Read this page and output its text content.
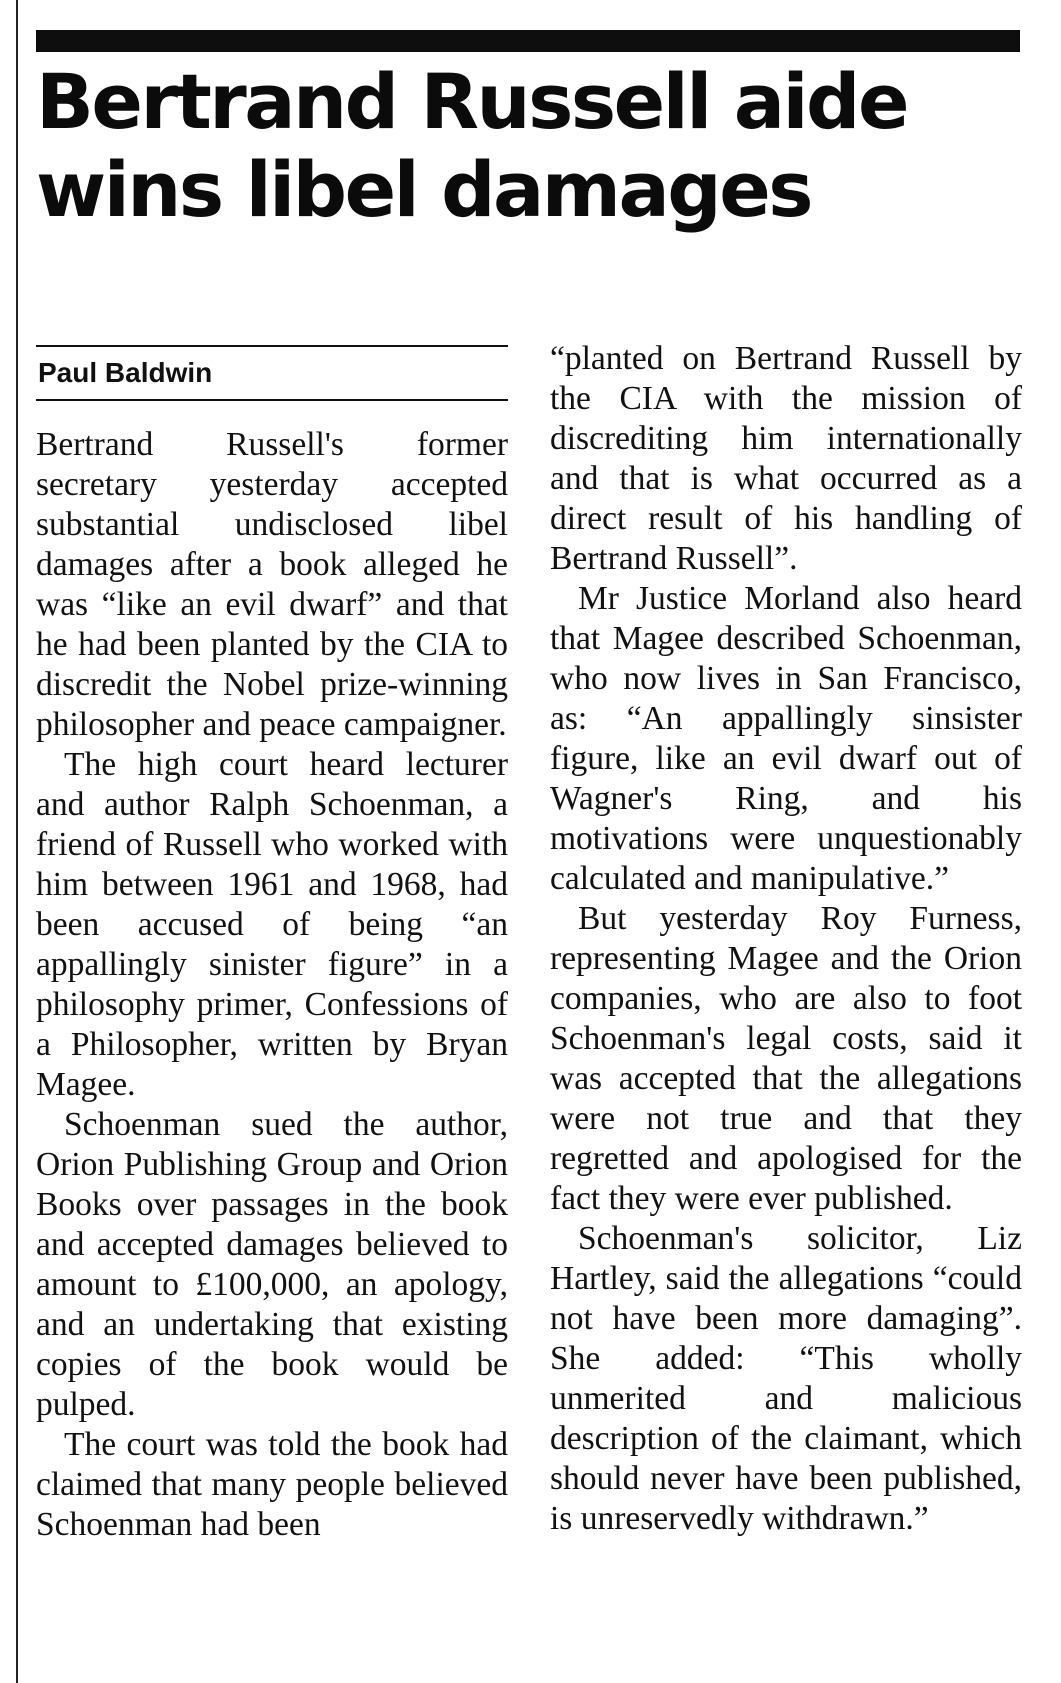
Bertrand Russell aide
wins libel damages
Paul Baldwin

Bertrand Russell's former secretary yesterday accepted substantial undisclosed libel damages after a book alleged he was “like an evil dwarf” and that he had been planted by the CIA to discredit the Nobel prize-winning philosopher and peace campaigner.

The high court heard lecturer and author Ralph Schoenman, a friend of Russell who worked with him between 1961 and 1968, had been accused of being “an appallingly sinister figure” in a philosophy primer, Confessions of a Philosopher, written by Bryan Magee.

Schoenman sued the author, Orion Publishing Group and Orion Books over passages in the book and accepted damages believed to amount to £100,000, an apology, and an undertaking that existing copies of the book would be pulped.

The court was told the book had claimed that many people believed Schoenman had been

“planted on Bertrand Russell by the CIA with the mission of discrediting him internationally and that is what occurred as a direct result of his handling of Bertrand Russell”.

Mr Justice Morland also heard that Magee described Schoenman, who now lives in San Francisco, as: “An appallingly sinsister figure, like an evil dwarf out of Wagner's Ring, and his motivations were unquestionably calculated and manipulative.”

But yesterday Roy Furness, representing Magee and the Orion companies, who are also to foot Schoenman's legal costs, said it was accepted that the allegations were not true and that they regretted and apologised for the fact they were ever published.

Schoenman's solicitor, Liz Hartley, said the allegations “could not have been more damaging”. She added: “This wholly unmerited and malicious description of the claimant, which should never have been published, is unreservedly withdrawn.”
